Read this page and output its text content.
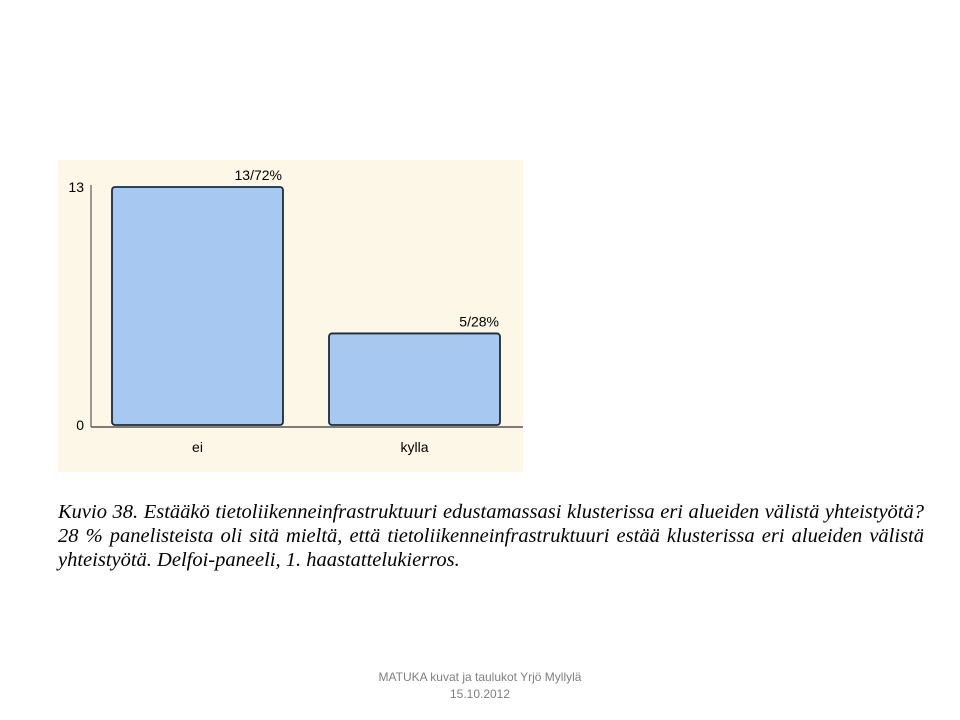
13/72%
ei
5/28%
kylla
0
13

Kuvio 38. Estääkö tietoliikenneinfrastruktuuri edustamassasi klusterissa eri alueiden välistä yhteistyötä? 28 % panelisteista oli sitä mieltä, että tietoliikenneinfrastruktuuri estää klusterissa eri alueiden välistä yhteistyötä. Delfoi-paneeli, 1. haastattelukierros.

MATUKA kuvat ja taulukot Yrjö Myllylä
15.10.2012
